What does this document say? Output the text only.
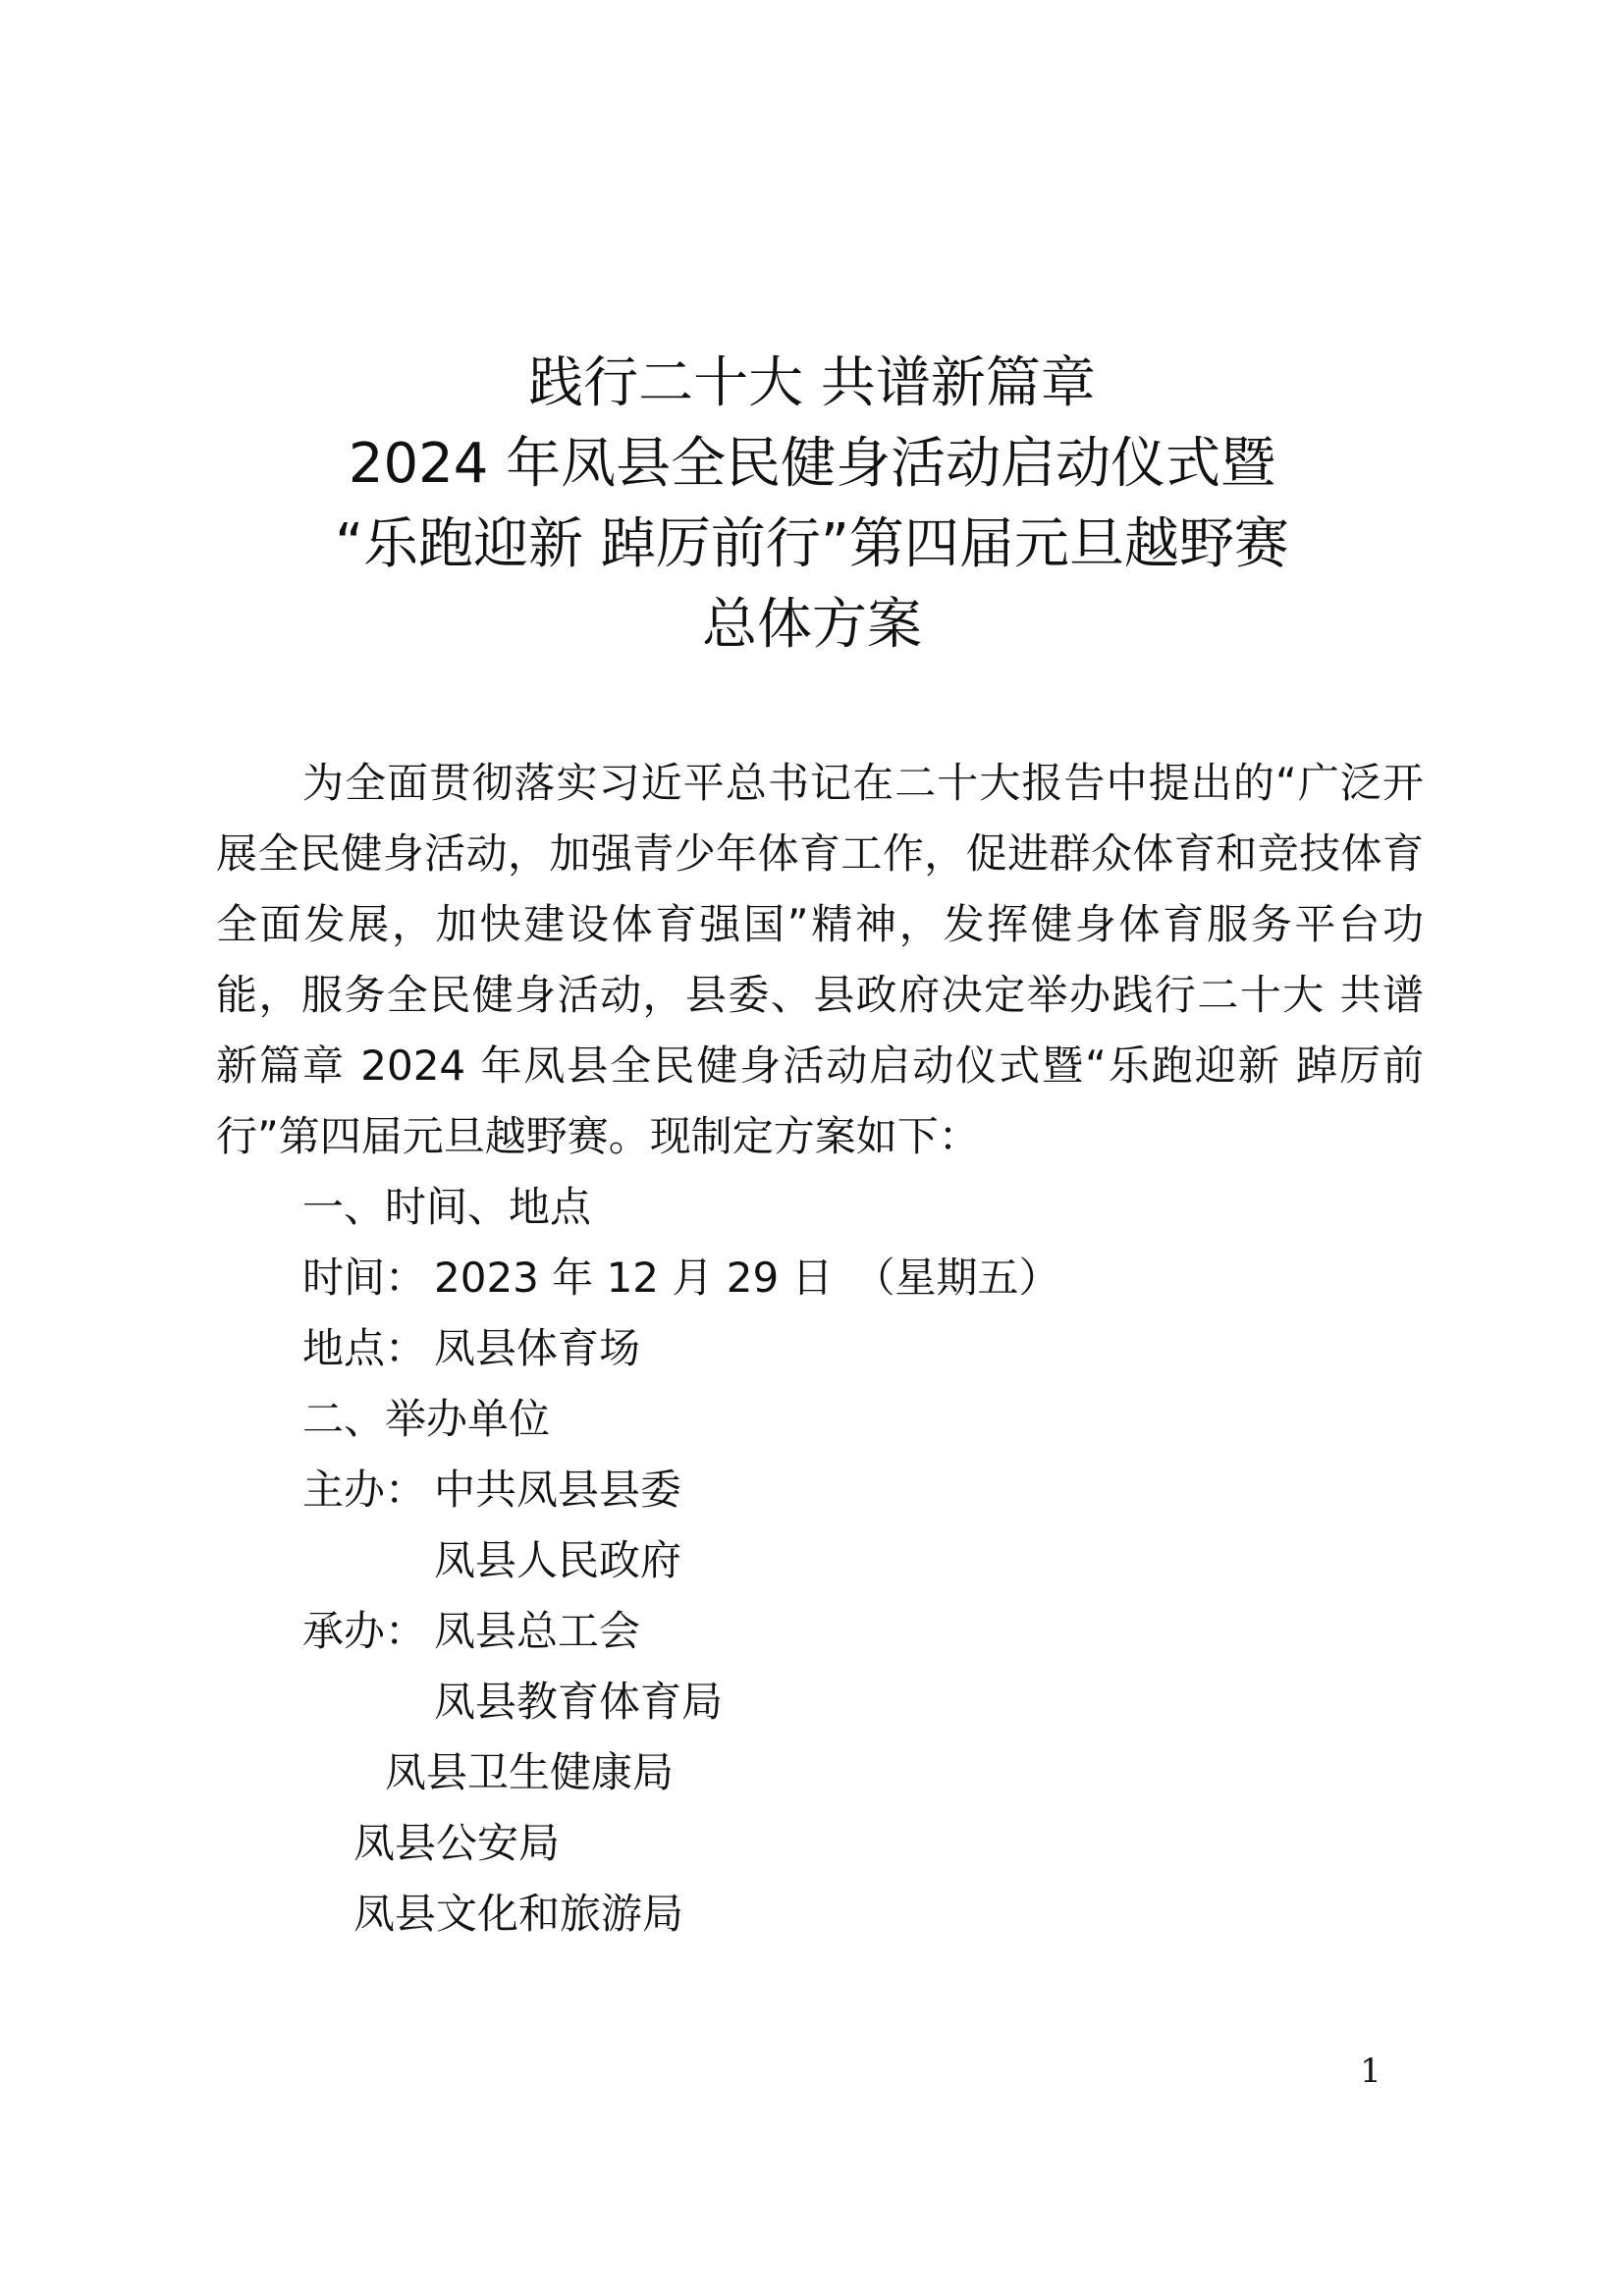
践行二十大 共谱新篇章
2024 年凤县全民健身活动启动仪式暨
“乐跑迎新 踔厉前行”第四届元旦越野赛
总体方案

为全面贯彻落实习近平总书记在二十大报告中提出的“广泛开展全民健身活动，加强青少年体育工作，促进群众体育和竞技体育全面发展，加快建设体育强国”精神，发挥健身体育服务平台功能，服务全民健身活动，县委、县政府决定举办践行二十大 共谱新篇章 2024 年凤县全民健身活动启动仪式暨“乐跑迎新 踔厉前行”第四届元旦越野赛。现制定方案如下：

一、时间、地点

时间： 2023 年 12 月 29 日　（星期五）

地点： 凤县体育场

二、举办单位

主办： 中共凤县县委

凤县人民政府

承办： 凤县总工会

凤县教育体育局

凤县卫生健康局

凤县公安局

凤县文化和旅游局

1
